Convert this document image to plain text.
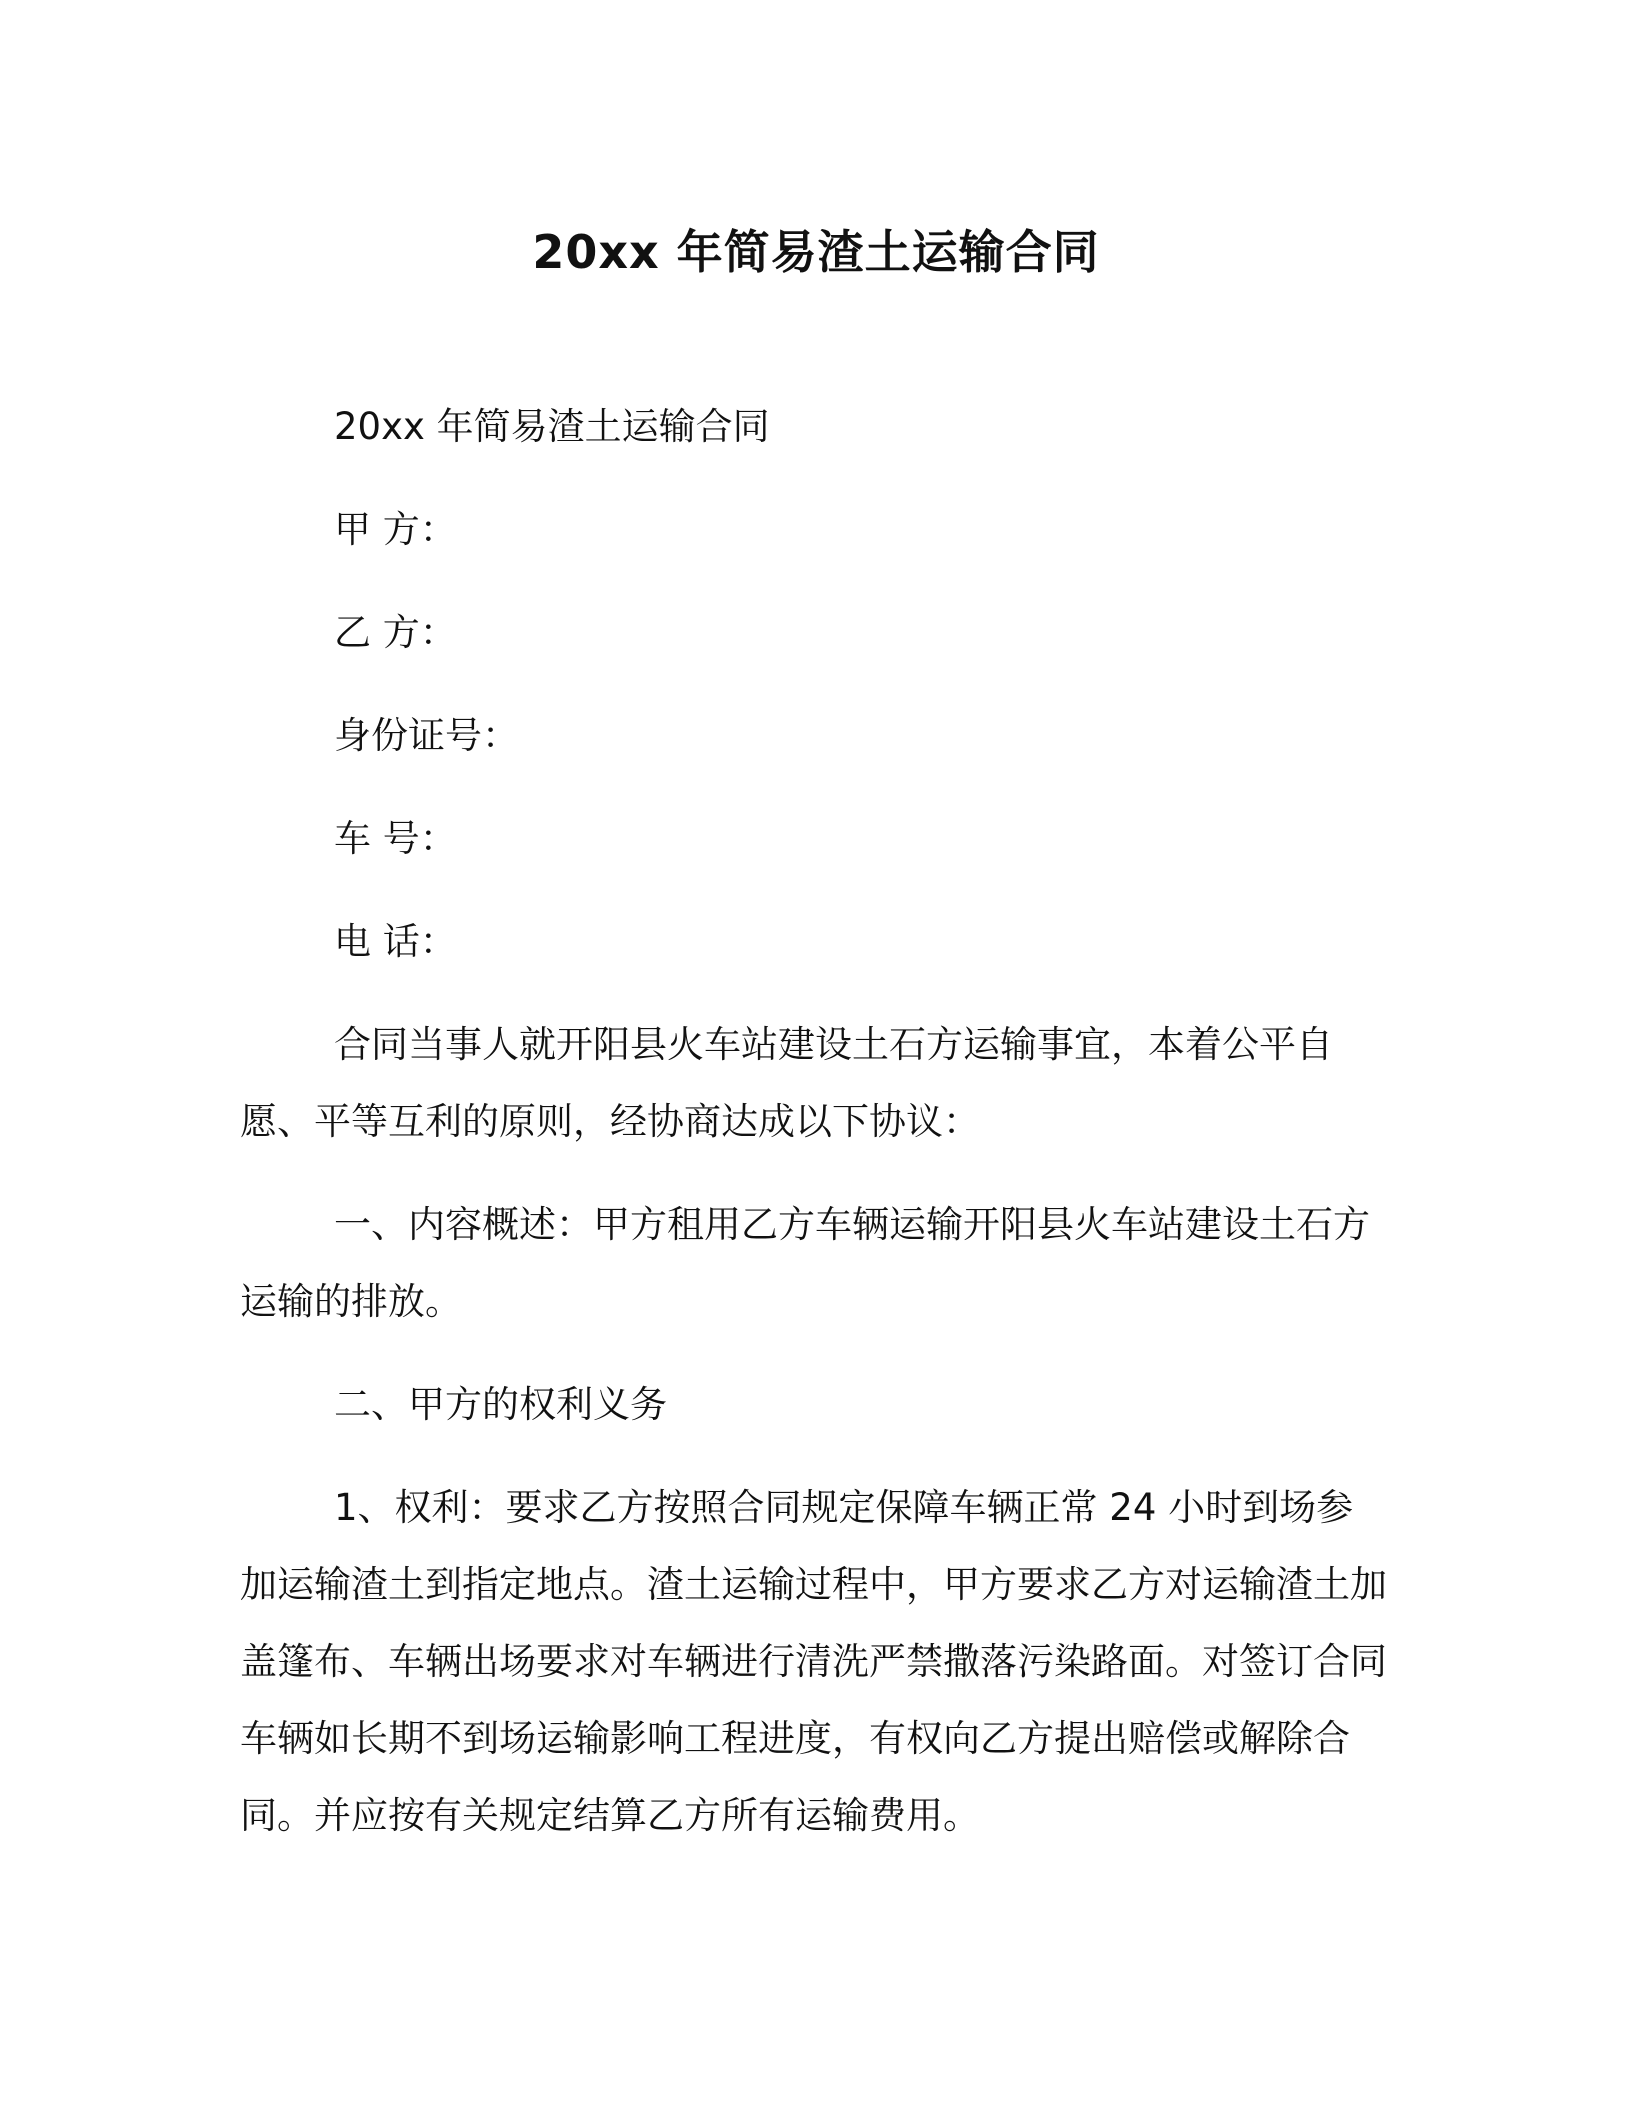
20xx 年简易渣土运输合同

20xx 年简易渣土运输合同

甲 方：

乙 方：

身份证号：

车 号：

电 话：

合同当事人就开阳县火车站建设土石方运输事宜，本着公平自愿、平等互利的原则，经协商达成以下协议：

一、内容概述：甲方租用乙方车辆运输开阳县火车站建设土石方运输的排放。

二、甲方的权利义务

1、权利：要求乙方按照合同规定保障车辆正常 24 小时到场参加运输渣土到指定地点。渣土运输过程中，甲方要求乙方对运输渣土加盖篷布、车辆出场要求对车辆进行清洗严禁撒落污染路面。对签订合同车辆如长期不到场运输影响工程进度，有权向乙方提出赔偿或解除合同。并应按有关规定结算乙方所有运输费用。
